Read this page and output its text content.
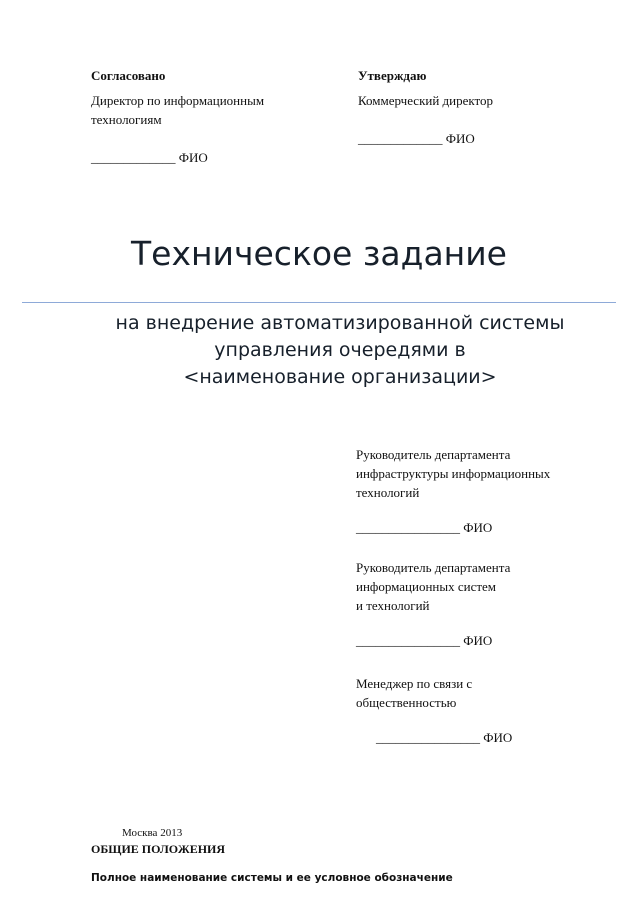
Согласовано
Директор по информационным
технологиям
_____________ ФИО
Утверждаю
Коммерческий директор
_____________ ФИО
Техническое задание
на внедрение автоматизированной системы
управления очередями в
<наименование организации>
Руководитель департамента
инфраструктуры информационных
технологий
________________ ФИО
Руководитель департамента
информационных систем
и технологий
________________ ФИО
Менеджер по связи с
общественностью
________________ ФИО
Москва 2013
ОБЩИЕ ПОЛОЖЕНИЯ
Полное наименование системы и ее условное обозначение
